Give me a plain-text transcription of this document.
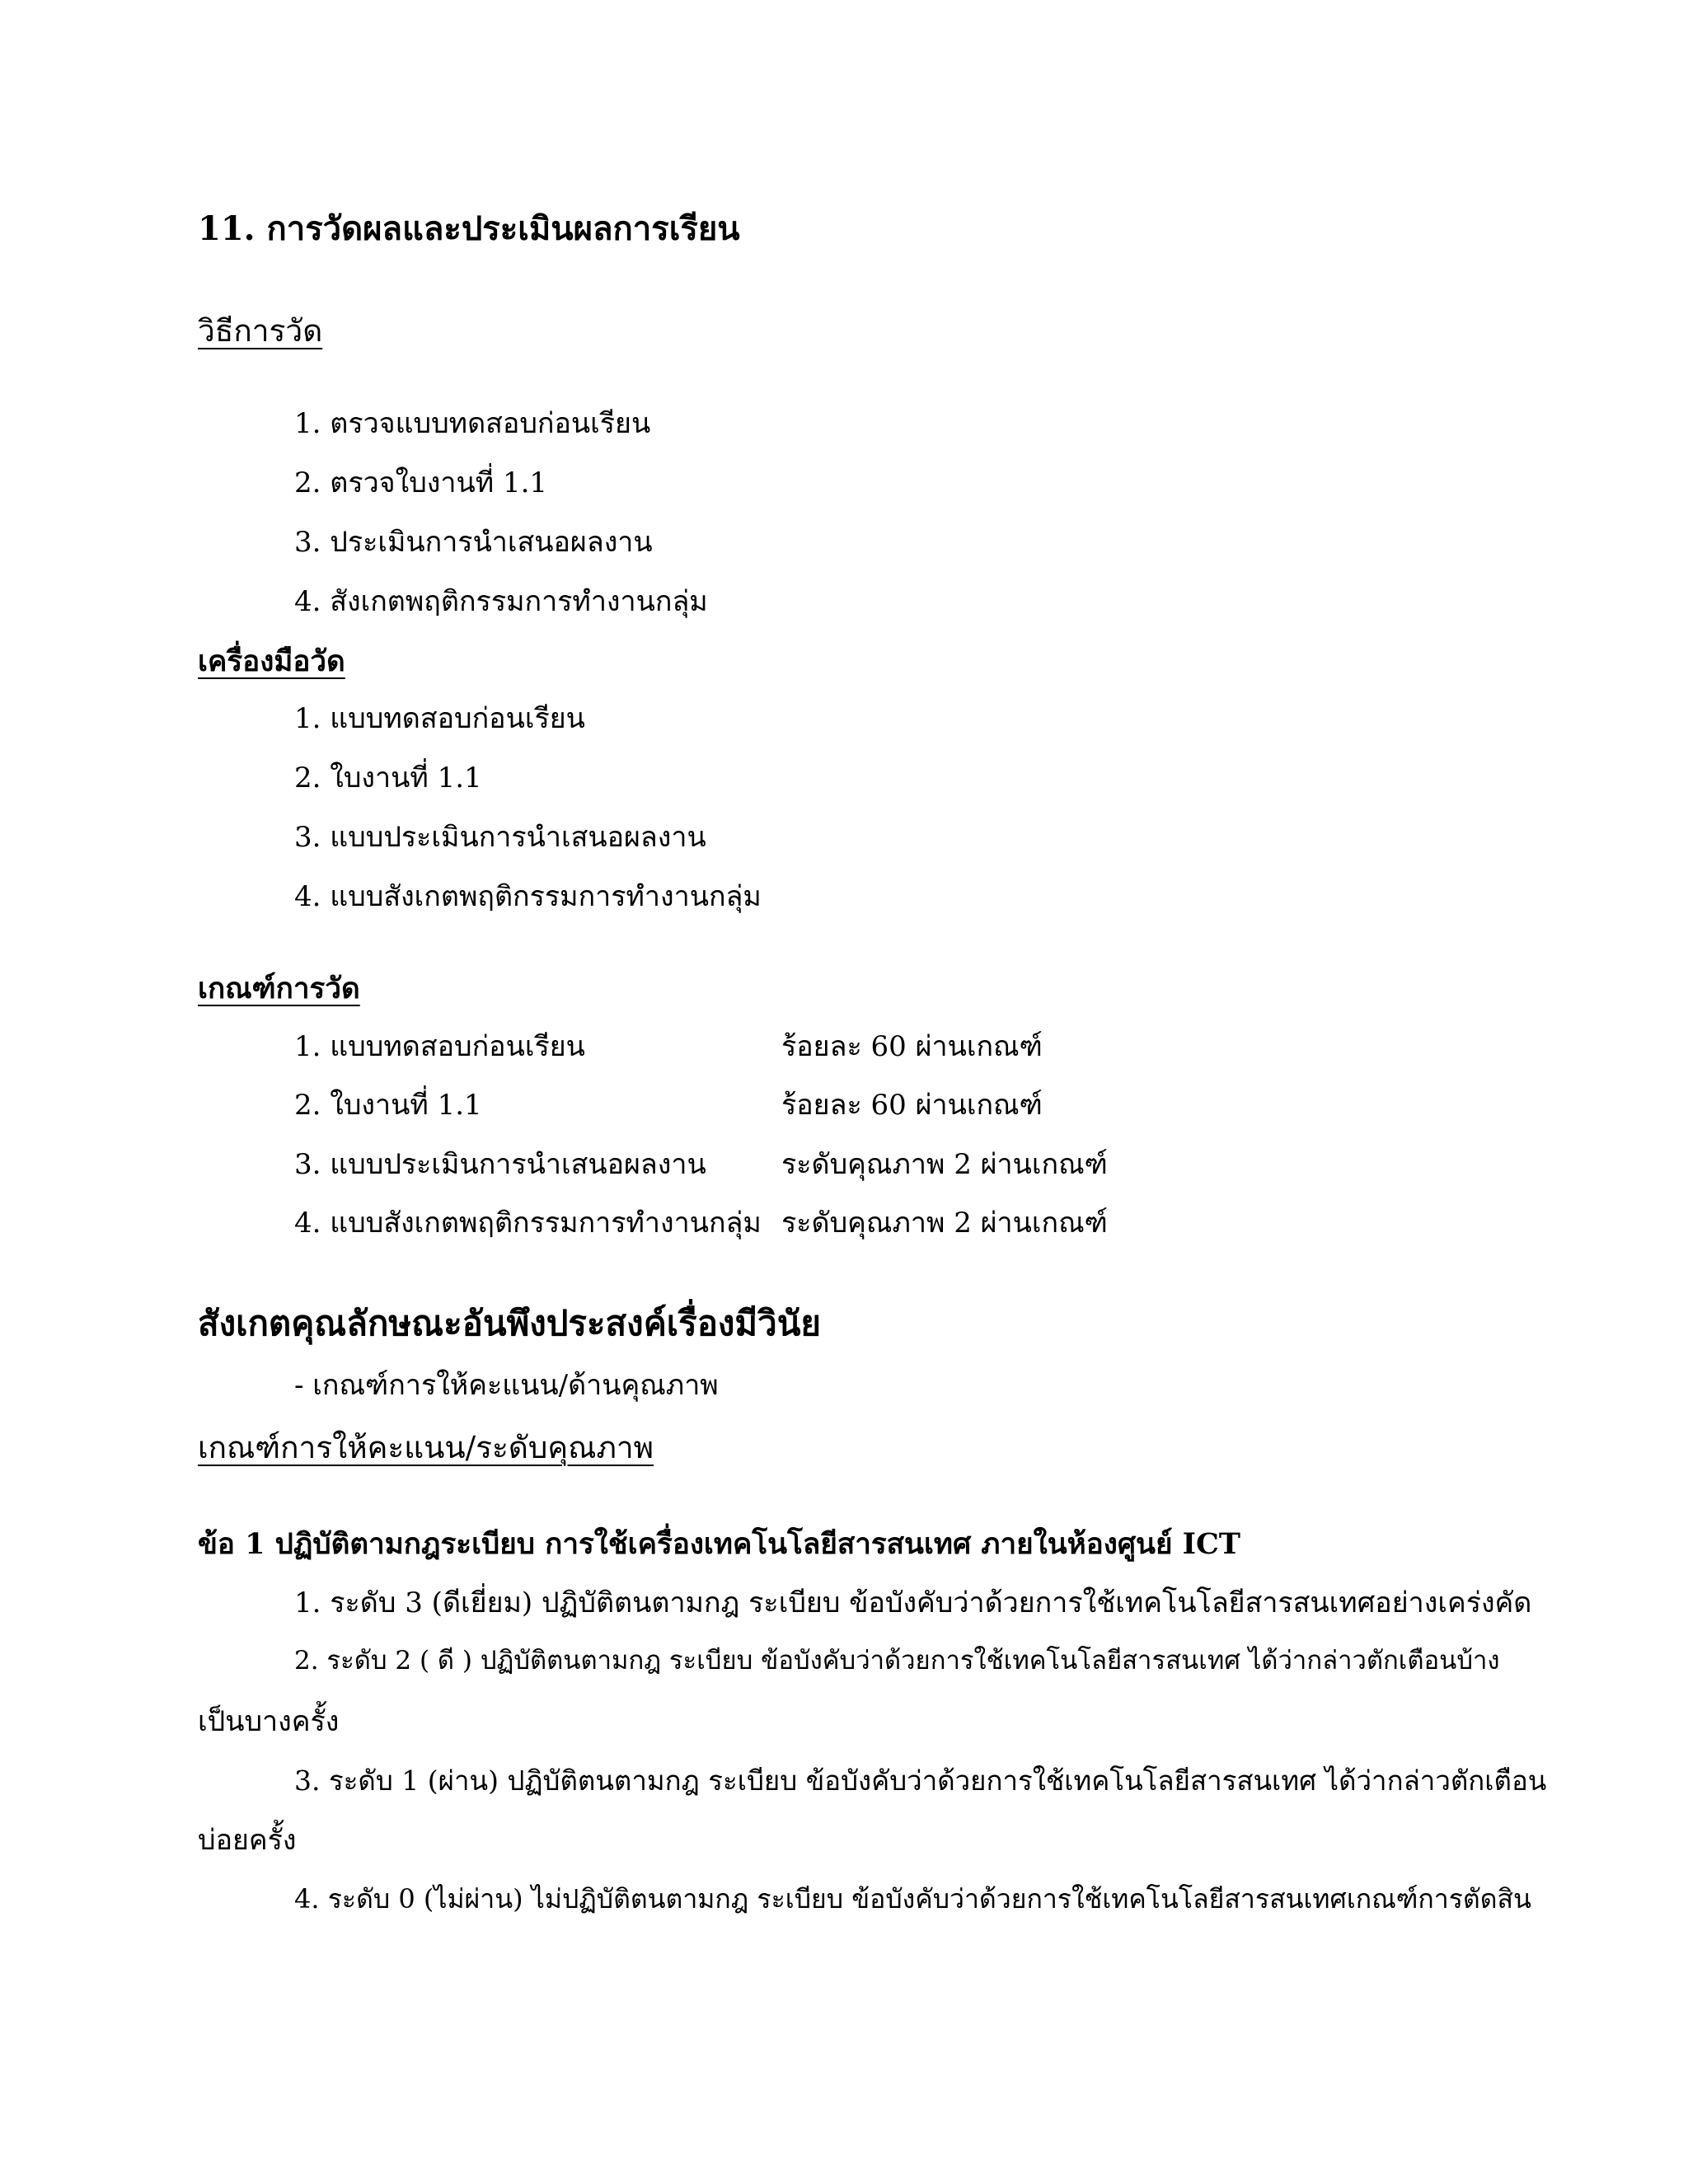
11. การวัดผลและประเมินผลการเรียน
วิธีการวัด
1. ตรวจแบบทดสอบก่อนเรียน
2. ตรวจใบงานที่ 1.1
3. ประเมินการนำเสนอผลงาน
4. สังเกตพฤติกรรมการทำงานกลุ่ม
เครื่องมือวัด
1. แบบทดสอบก่อนเรียน
2. ใบงานที่ 1.1
3. แบบประเมินการนำเสนอผลงาน
4. แบบสังเกตพฤติกรรมการทำงานกลุ่ม
เกณฑ์การวัด
1. แบบทดสอบก่อนเรียน	ร้อยละ 60 ผ่านเกณฑ์
2. ใบงานที่ 1.1	ร้อยละ 60 ผ่านเกณฑ์
3. แบบประเมินการนำเสนอผลงาน	ระดับคุณภาพ 2 ผ่านเกณฑ์
4. แบบสังเกตพฤติกรรมการทำงานกลุ่ม ระดับคุณภาพ 2 ผ่านเกณฑ์
สังเกตคุณลักษณะอันพึงประสงค์เรื่องมีวินัย
- เกณฑ์การให้คะแนน/ด้านคุณภาพ
เกณฑ์การให้คะแนน/ระดับคุณภาพ
ข้อ 1 ปฏิบัติตามกฎระเบียบ การใช้เครื่องเทคโนโลยีสารสนเทศ ภายในห้องศูนย์ ICT
1. ระดับ 3 (ดีเยี่ยม) ปฏิบัติตนตามกฎ ระเบียบ ข้อบังคับว่าด้วยการใช้เทคโนโลยีสารสนเทศอย่างเคร่งคัด
2. ระดับ 2 ( ดี ) ปฏิบัติตนตามกฎ ระเบียบ ข้อบังคับว่าด้วยการใช้เทคโนโลยีสารสนเทศ ได้ว่ากล่าวตักเตือนบ้าง
เป็นบางครั้ง
3. ระดับ 1 (ผ่าน) ปฏิบัติตนตามกฎ ระเบียบ ข้อบังคับว่าด้วยการใช้เทคโนโลยีสารสนเทศ ได้ว่ากล่าวตักเตือน
บ่อยครั้ง
4. ระดับ 0 (ไม่ผ่าน) ไม่ปฏิบัติตนตามกฎ ระเบียบ ข้อบังคับว่าด้วยการใช้เทคโนโลยีสารสนเทศเกณฑ์การตัดสิน
